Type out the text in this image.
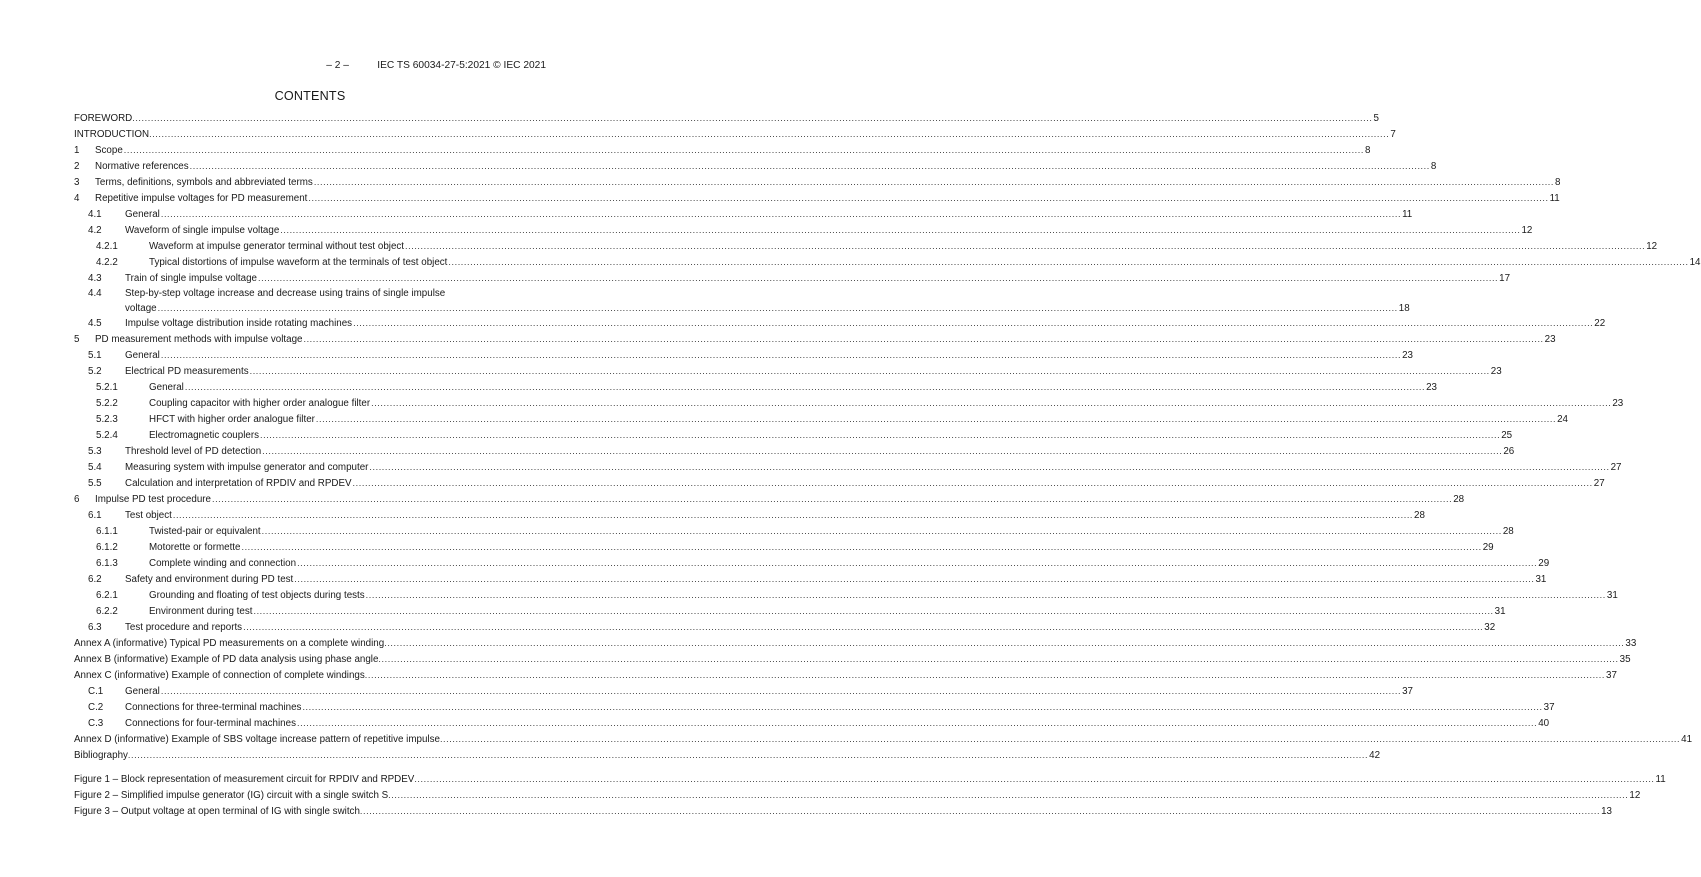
– 2 –	IEC TS 60034-27-5:2021 © IEC 2021
CONTENTS
FOREWORD ................................................................................................................................................................................................................................................................................................................................................................................................................ 5
INTRODUCTION ................................................................................................................................................................................................................................................................................................................................................................................................................ 7
1	Scope ................................................................................................................................................................................................................................................................................................................................................................................................................ 8
2	Normative references ................................................................................................................................................................................................................................................................................................................................................................................................................ 8
3	Terms, definitions, symbols and abbreviated terms ................................................................................................................................................................................................................................................................................................................................................................................................................ 8
4	Repetitive impulse voltages for PD measurement ................................................................................................................................................................................................................................................................................................................................................................................................................ 11
4.1	General ................................................................................................................................................................................................................................................................................................................................................................................................................ 11
4.2	Waveform of single impulse voltage ................................................................................................................................................................................................................................................................................................................................................................................................................ 12
4.2.1	Waveform at impulse generator terminal without test object ................................................................................................................................................................................................................................................................................................................................................................................................................ 12
4.2.2	Typical distortions of impulse waveform at the terminals of test object ................................................................................................................................................................................................................................................................................................................................................................................................................ 14
4.3	Train of single impulse voltage ................................................................................................................................................................................................................................................................................................................................................................................................................ 17
4.4	Step-by-step voltage increase and decrease using trains of single impulse
voltage ................................................................................................................................................................................................................................................................................................................................................................................................................ 18
4.5	Impulse voltage distribution inside rotating machines ................................................................................................................................................................................................................................................................................................................................................................................................................ 22
5	PD measurement methods with impulse voltage ................................................................................................................................................................................................................................................................................................................................................................................................................ 23
5.1	General ................................................................................................................................................................................................................................................................................................................................................................................................................ 23
5.2	Electrical PD measurements ................................................................................................................................................................................................................................................................................................................................................................................................................ 23
5.2.1	General ................................................................................................................................................................................................................................................................................................................................................................................................................ 23
5.2.2	Coupling capacitor with higher order analogue filter ................................................................................................................................................................................................................................................................................................................................................................................................................ 23
5.2.3	HFCT with higher order analogue filter ................................................................................................................................................................................................................................................................................................................................................................................................................ 24
5.2.4	Electromagnetic couplers ................................................................................................................................................................................................................................................................................................................................................................................................................ 25
5.3	Threshold level of PD detection ................................................................................................................................................................................................................................................................................................................................................................................................................ 26
5.4	Measuring system with impulse generator and computer ................................................................................................................................................................................................................................................................................................................................................................................................................ 27
5.5	Calculation and interpretation of RPDIV and RPDEV ................................................................................................................................................................................................................................................................................................................................................................................................................ 27
6	Impulse PD test procedure ................................................................................................................................................................................................................................................................................................................................................................................................................ 28
6.1	Test object ................................................................................................................................................................................................................................................................................................................................................................................................................ 28
6.1.1	Twisted-pair or equivalent ................................................................................................................................................................................................................................................................................................................................................................................................................ 28
6.1.2	Motorette or formette ................................................................................................................................................................................................................................................................................................................................................................................................................ 29
6.1.3	Complete winding and connection ................................................................................................................................................................................................................................................................................................................................................................................................................ 29
6.2	Safety and environment during PD test ................................................................................................................................................................................................................................................................................................................................................................................................................ 31
6.2.1	Grounding and floating of test objects during tests ................................................................................................................................................................................................................................................................................................................................................................................................................ 31
6.2.2	Environment during test ................................................................................................................................................................................................................................................................................................................................................................................................................ 31
6.3	Test procedure and reports ................................................................................................................................................................................................................................................................................................................................................................................................................ 32
Annex A (informative) Typical PD measurements on a complete winding ................................................................................................................................................................................................................................................................................................................................................................................................................ 33
Annex B (informative) Example of PD data analysis using phase angle ................................................................................................................................................................................................................................................................................................................................................................................................................ 35
Annex C (informative) Example of connection of complete windings ................................................................................................................................................................................................................................................................................................................................................................................................................ 37
C.1	General ................................................................................................................................................................................................................................................................................................................................................................................................................ 37
C.2	Connections for three-terminal machines ................................................................................................................................................................................................................................................................................................................................................................................................................ 37
C.3	Connections for four-terminal machines ................................................................................................................................................................................................................................................................................................................................................................................................................ 40
Annex D (informative) Example of SBS voltage increase pattern of repetitive impulse ................................................................................................................................................................................................................................................................................................................................................................................................................ 41
Bibliography ................................................................................................................................................................................................................................................................................................................................................................................................................ 42
Figure 1 – Block representation of measurement circuit for RPDIV and RPDEV ................................................................................................................................................................................................................................................................................................................................................................................................................ 11
Figure 2 – Simplified impulse generator (IG) circuit with a single switch S ................................................................................................................................................................................................................................................................................................................................................................................................................ 12
Figure 3 – Output voltage at open terminal of IG with single switch ................................................................................................................................................................................................................................................................................................................................................................................................................ 13
